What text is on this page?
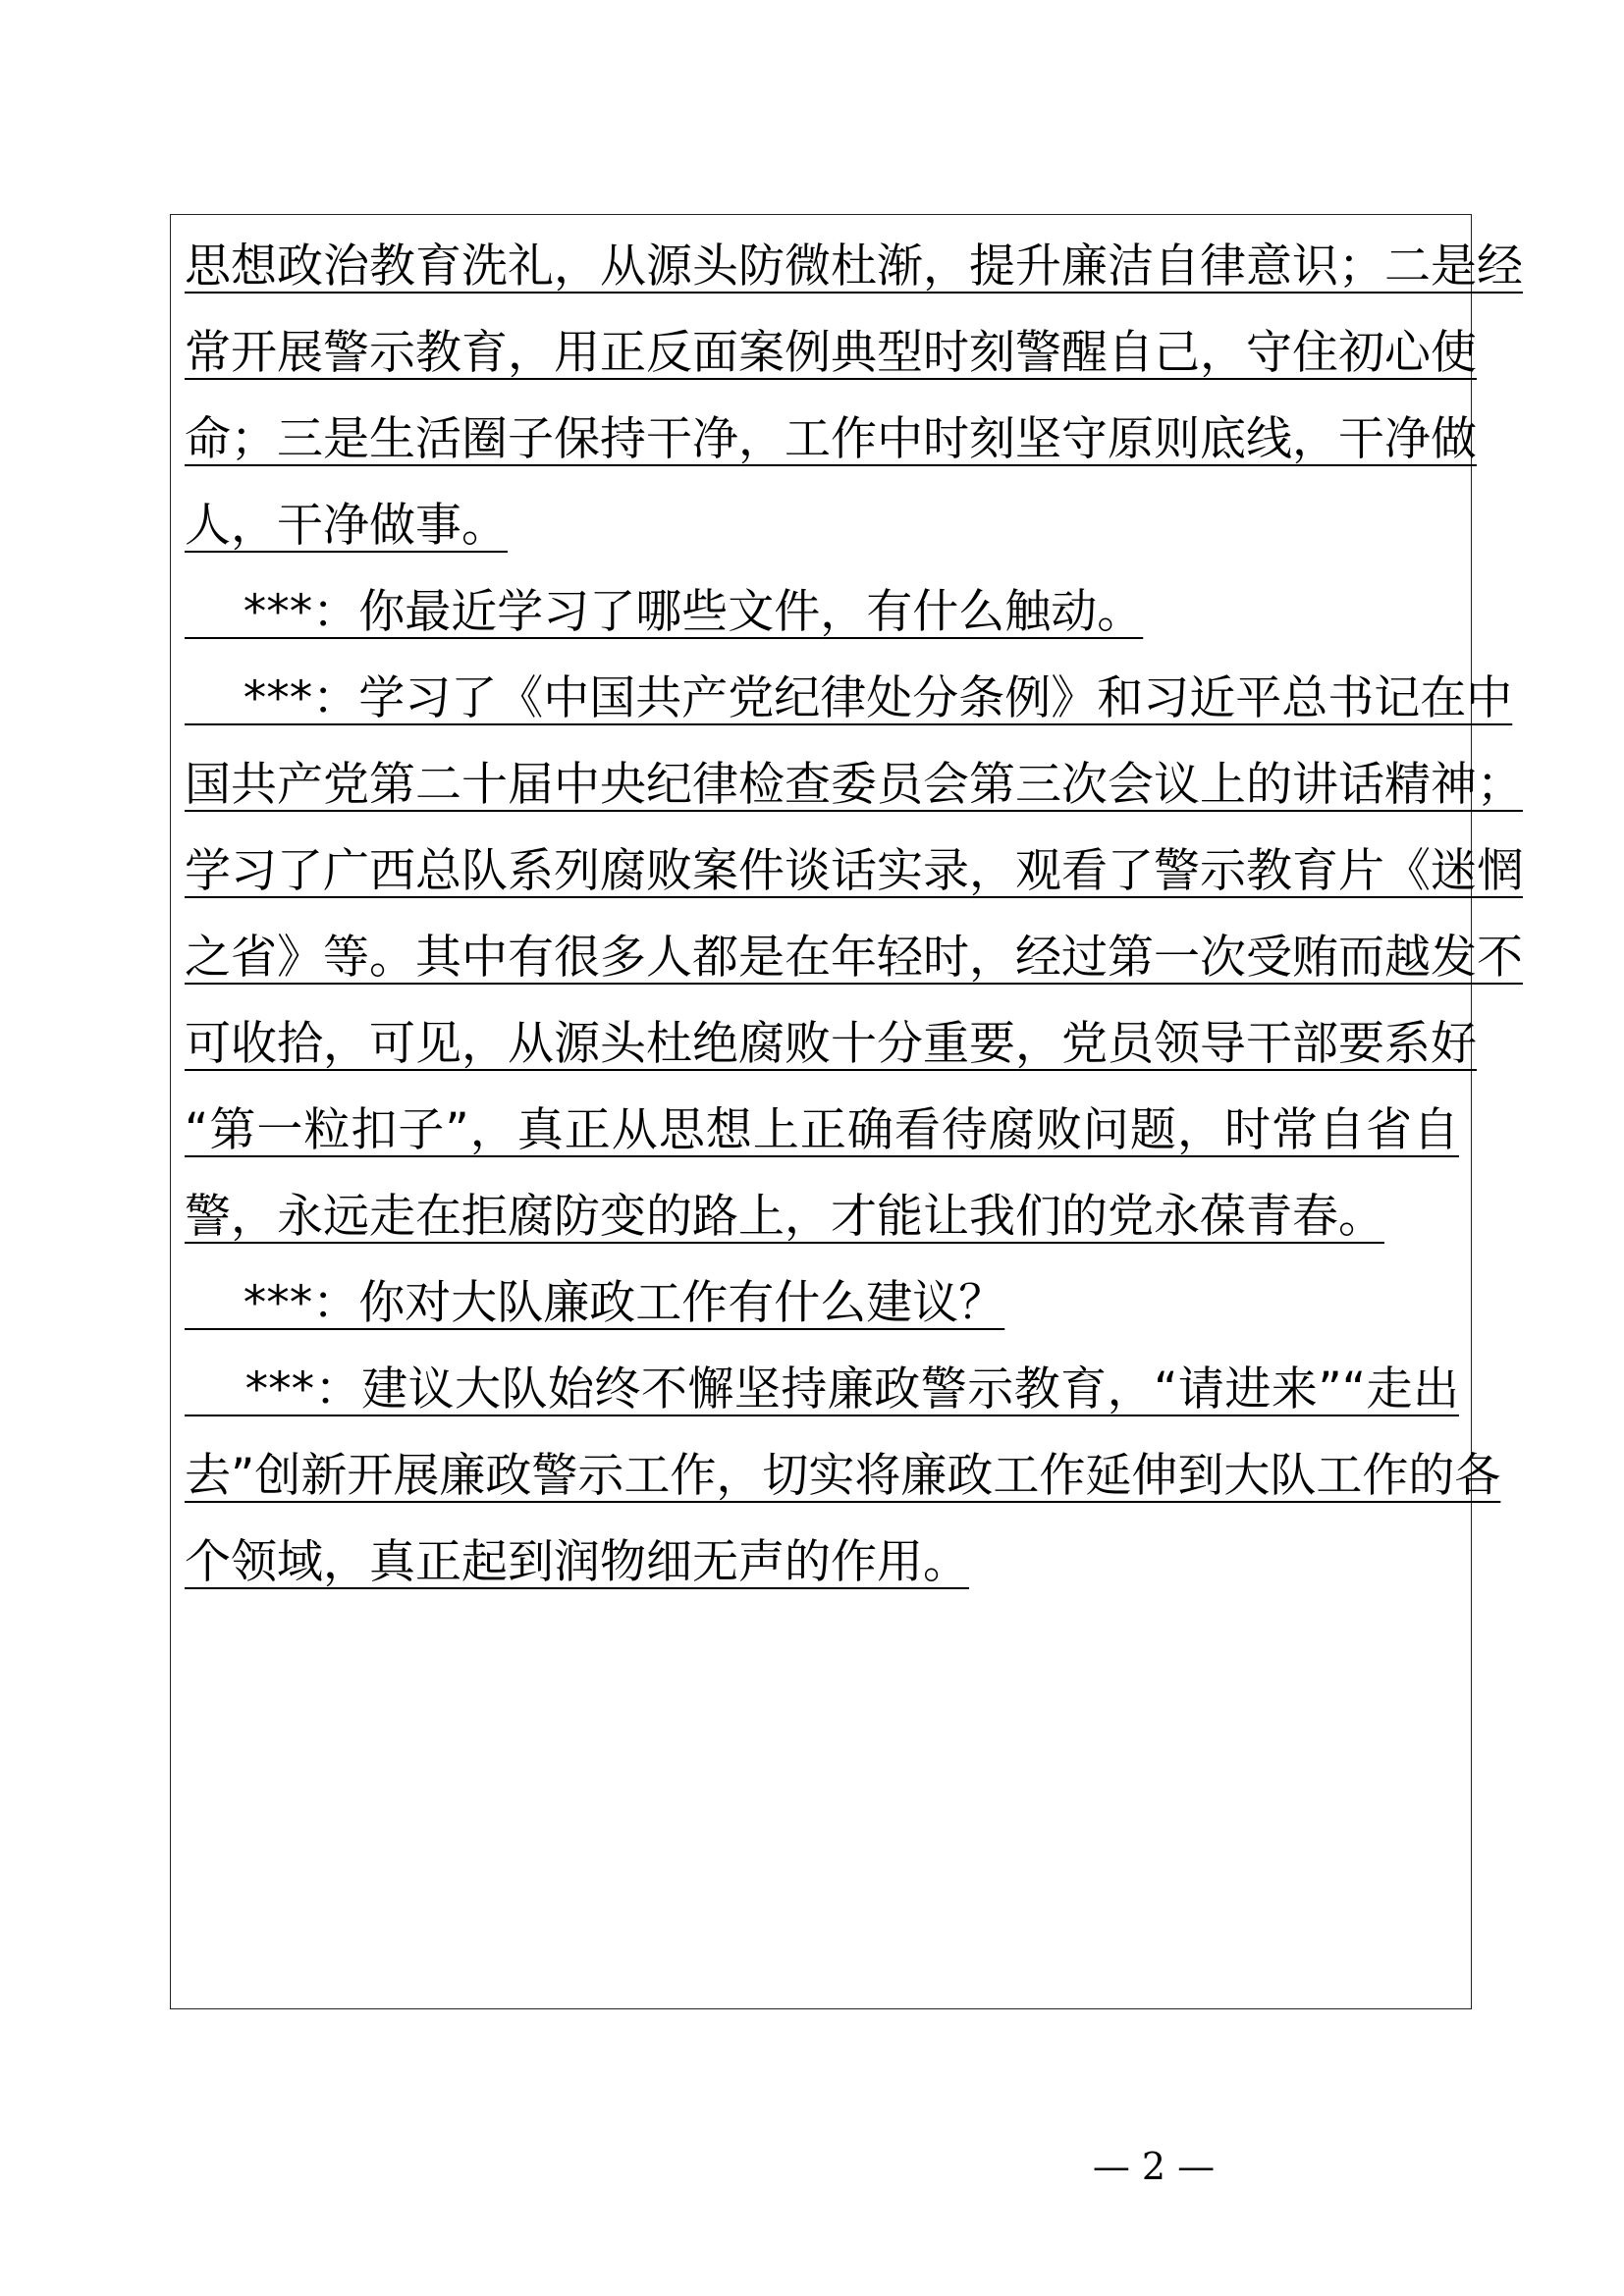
思想政治教育洗礼，从源头防微杜渐，提升廉洁自律意识；二是经
常开展警示教育，用正反面案例典型时刻警醒自己，守住初心使
命；三是生活圈子保持干净，工作中时刻坚守原则底线，干净做
人，干净做事。
***：你最近学习了哪些文件，有什么触动。
***：学习了《中国共产党纪律处分条例》和习近平总书记在中
国共产党第二十届中央纪律检查委员会第三次会议上的讲话精神；
学习了广西总队系列腐败案件谈话实录，观看了警示教育片《迷惘
之省》等。其中有很多人都是在年轻时，经过第一次受贿而越发不
可收拾，可见，从源头杜绝腐败十分重要，党员领导干部要系好
“第一粒扣子”，真正从思想上正确看待腐败问题，时常自省自
警，永远走在拒腐防变的路上，才能让我们的党永葆青春。
***：你对大队廉政工作有什么建议？
***：建议大队始终不懈坚持廉政警示教育，“请进来”“走出
去”创新开展廉政警示工作，切实将廉政工作延伸到大队工作的各
个领域，真正起到润物细无声的作用。
— 2 —
